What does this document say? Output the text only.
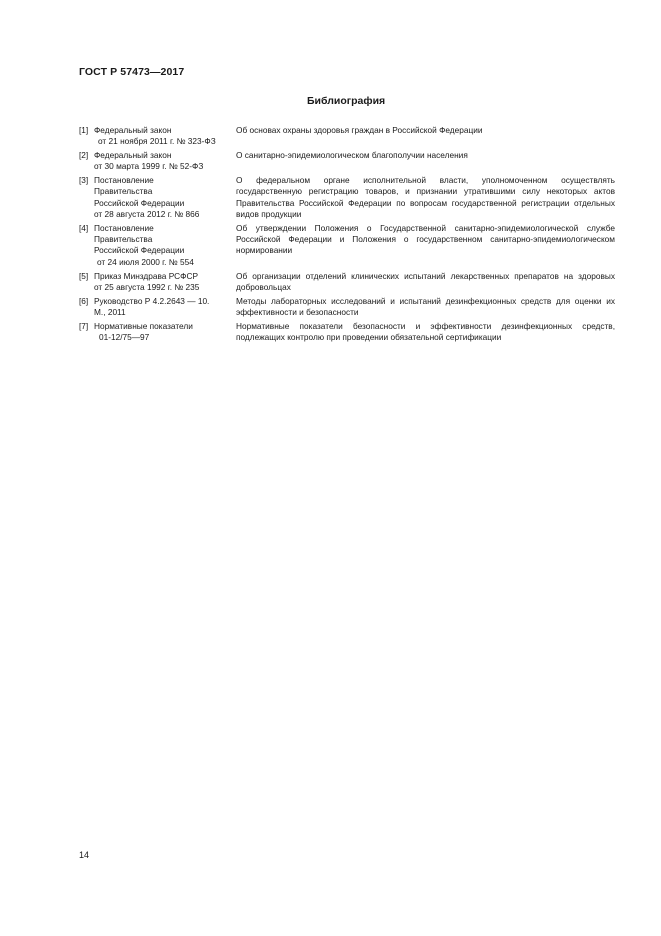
ГОСТ Р 57473—2017
Библиография
[1] Федеральный закон
от 21 ноября 2011 г. № 323-ФЗ
Об основах охраны здоровья граждан в Российской Федерации
[2] Федеральный закон
от 30 марта 1999 г. № 52-ФЗ
О санитарно-эпидемиологическом благополучии населения
[3] Постановление
Правительства
Российской Федерации
от 28 августа 2012 г. № 866
О федеральном органе исполнительной власти, уполномоченном осуществлять государственную регистрацию товаров, и признании утратившими силу некоторых актов Правительства Российской Федерации по вопросам государственной регистрации отдельных видов продукции
[4] Постановление
Правительства
Российской Федерации
от 24 июля 2000 г. № 554
Об утверждении Положения о Государственной санитарно-эпидемиологической службе Российской Федерации и Положения о государственном санитарно-эпидемиологическом нормировании
[5] Приказ Минздрава РСФСР
от 25 августа 1992 г. № 235
Об организации отделений клинических испытаний лекарственных препаратов на здоровых добровольцах
[6] Руководство Р 4.2.2643 — 10.
М., 2011
Методы лабораторных исследований и испытаний дезинфекционных средств для оценки их эффективности и безопасности
[7] Нормативные показатели
01-12/75—97
Нормативные показатели безопасности и эффективности дезинфекционных средств, подлежащих контролю при проведении обязательной сертификации
14
